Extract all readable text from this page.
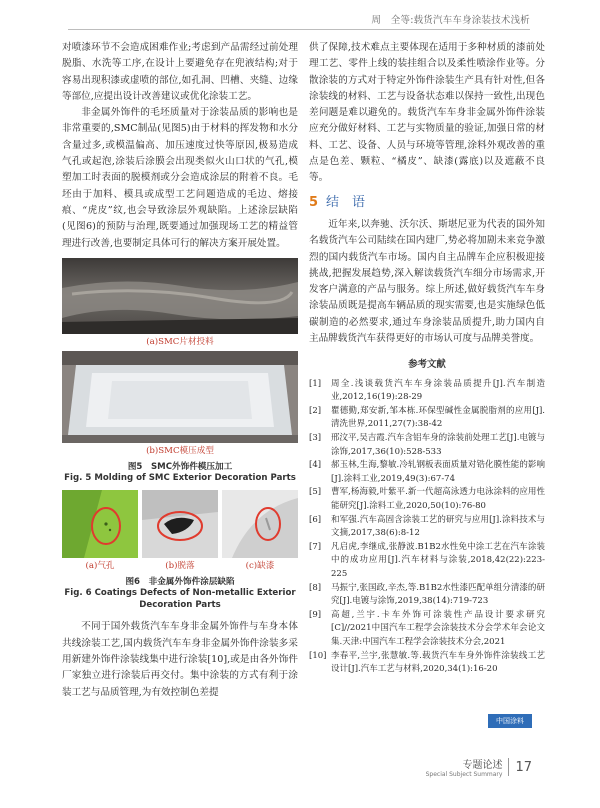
周　全等:载货汽车车身涂装技术浅析

对喷漆环节不会造成困难作业;考虑到产品需经过前处理脱脂、水洗等工序,在设计上要避免存在兜液结构;对于容易出现积漆或虚喷的部位,如孔洞、凹槽、夹缝、边缘等部位,应提出设计改善建议或优化涂装工艺。

非金属外饰件的毛坯质量对于涂装品质的影响也是非常重要的,SMC制品(见图5)由于材料的挥发物和水分含量过多,或模温偏高、加压速度过快等原因,极易造成气孔或起泡,涂装后涂膜会出现类似火山口状的气孔,模塑加工时表面的脱模剂或分会造成涂层的附着不良。毛坯由于加料、模具或成型工艺问题造成的毛边、熔接痕、“虎皮”纹,也会导致涂层外观缺陷。上述涂层缺陷(见图6)的预防与治理,既要通过加强现场工艺的精益管理进行改善,也要制定具体可行的解决方案开展处置。

(a)SMC片材投料
(b)SMC模压成型
图5　SMC外饰件模压加工
Fig. 5 Molding of SMC Exterior Decoration Parts
(a)气孔	(b)脱落	(c)缺漆
图6　非金属外饰件涂层缺陷
Fig. 6 Coatings Defects of Non-metallic Exterior Decoration Parts

不同于国外载货汽车车身非金属外饰件与车身本体共线涂装工艺,国内载货汽车车身非金属外饰件涂装多采用新建外饰件涂装线集中进行涂装[10],或是由各外饰件厂家独立进行涂装后再交付。集中涂装的方式有利于涂装工艺与品质管理,为有效控制色差提

供了保障,技术难点主要体现在适用于多种材质的漆前处理工艺、零件上线的装挂组合以及柔性喷涂作业等。分散涂装的方式对于特定外饰件涂装生产具有针对性,但各涂装线的材料、工艺与设备状态难以保持一致性,出现色差问题是难以避免的。载货汽车车身非金属外饰件涂装应充分做好材料、工艺与实物质量的验证,加强日常的材料、工艺、设备、人员与环境等管理,涂料外观改善的重点是色差、颗粒、“橘皮”、缺漆(露底)以及遮蔽不良等。

5 结　语

近年来,以奔驰、沃尔沃、斯堪尼亚为代表的国外知名载货汽车公司陆续在国内建厂,势必将加剧未来竞争激烈的国内载货汽车市场。国内自主品牌车企应积极迎接挑战,把握发展趋势,深入解读载货汽车细分市场需求,开发客户满意的产品与服务。综上所述,做好载货汽车车身涂装品质既是提高车辆品质的现实需要,也是实施绿色低碳制造的必然要求,通过车身涂装品质提升,助力国内自主品牌载货汽车获得更好的市场认可度与品牌美誉度。

参考文献
[1]	周全.浅谈载货汽车车身涂装品质提升[J].汽车制造业,2012,16(19):28-29
[2]	瞿德勤,郑安新,邹本栋.环保型碱性金属脱脂剂的应用[J].清洗世界,2011,27(7):38-42
[3]	邢汶平,吴吉霞.汽车含铝车身的涂装前处理工艺[J].电镀与涂饰,2017,36(10):528-533
[4]	郝玉林,生海,黎敏.冷轧钢板表面质量对锆化膜性能的影响[J].涂料工业,2019,49(3):67-74
[5]	曹军,杨海毅,叶紫平.新一代超高泳透力电泳涂料的应用性能研究[J].涂料工业,2020,50(10):76-80
[6]	和军强.汽车高固含涂装工艺的研究与应用[J].涂料技术与文摘,2017,38(6):8-12
[7]	凡启虎,李继成,张静波.B1B2水性免中涂工艺在汽车涂装中的成功应用[J].汽车材料与涂装,2018,42(22):223-225
[8]	马振宁,张国政,辛杰,等.B1B2水性漆匹配单组分清漆的研究[J].电镀与涂饰,2019,38(14):719-723
[9]	高超,兰宇.卡车外饰可涂装性产品设计要求研究[C]//2021中国汽车工程学会涂装技术分会学术年会论文集.天津:中国汽车工程学会涂装技术分会,2021
[10] 李春平,兰宇,张慧敏.等.载货汽车车身外饰件涂装线工艺设计[J].汽车工艺与材料,2020,34(1):16-20
中国涂料
专题论述
Special Subject Summary 17
